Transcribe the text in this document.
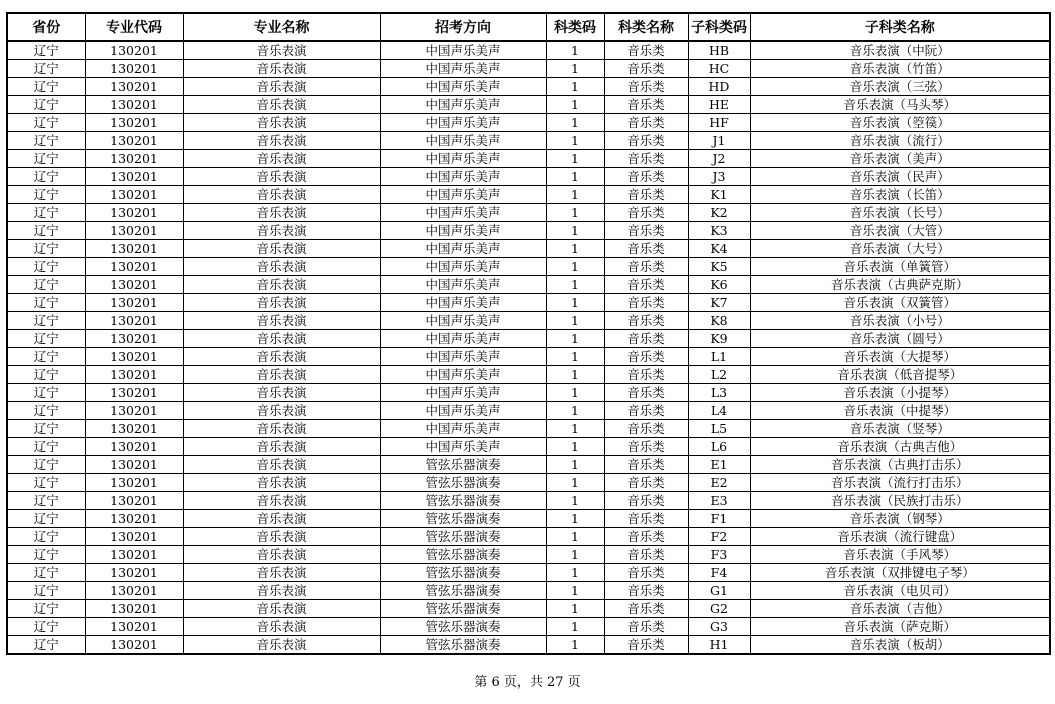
省份	专业代码	专业名称	招考方向	科类码	科类名称	子科类码	子科类名称
辽宁	130201	音乐表演	中国声乐美声	1	音乐类	HB	音乐表演（中阮）
辽宁	130201	音乐表演	中国声乐美声	1	音乐类	HC	音乐表演（竹笛）
辽宁	130201	音乐表演	中国声乐美声	1	音乐类	HD	音乐表演（三弦）
辽宁	130201	音乐表演	中国声乐美声	1	音乐类	HE	音乐表演（马头琴）
辽宁	130201	音乐表演	中国声乐美声	1	音乐类	HF	音乐表演（箜篌）
辽宁	130201	音乐表演	中国声乐美声	1	音乐类	J1	音乐表演（流行）
辽宁	130201	音乐表演	中国声乐美声	1	音乐类	J2	音乐表演（美声）
辽宁	130201	音乐表演	中国声乐美声	1	音乐类	J3	音乐表演（民声）
辽宁	130201	音乐表演	中国声乐美声	1	音乐类	K1	音乐表演（长笛）
辽宁	130201	音乐表演	中国声乐美声	1	音乐类	K2	音乐表演（长号）
辽宁	130201	音乐表演	中国声乐美声	1	音乐类	K3	音乐表演（大管）
辽宁	130201	音乐表演	中国声乐美声	1	音乐类	K4	音乐表演（大号）
辽宁	130201	音乐表演	中国声乐美声	1	音乐类	K5	音乐表演（单簧管）
辽宁	130201	音乐表演	中国声乐美声	1	音乐类	K6	音乐表演（古典萨克斯）
辽宁	130201	音乐表演	中国声乐美声	1	音乐类	K7	音乐表演（双簧管）
辽宁	130201	音乐表演	中国声乐美声	1	音乐类	K8	音乐表演（小号）
辽宁	130201	音乐表演	中国声乐美声	1	音乐类	K9	音乐表演（圆号）
辽宁	130201	音乐表演	中国声乐美声	1	音乐类	L1	音乐表演（大提琴）
辽宁	130201	音乐表演	中国声乐美声	1	音乐类	L2	音乐表演（低音提琴）
辽宁	130201	音乐表演	中国声乐美声	1	音乐类	L3	音乐表演（小提琴）
辽宁	130201	音乐表演	中国声乐美声	1	音乐类	L4	音乐表演（中提琴）
辽宁	130201	音乐表演	中国声乐美声	1	音乐类	L5	音乐表演（竖琴）
辽宁	130201	音乐表演	中国声乐美声	1	音乐类	L6	音乐表演（古典吉他）
辽宁	130201	音乐表演	管弦乐器演奏	1	音乐类	E1	音乐表演（古典打击乐）
辽宁	130201	音乐表演	管弦乐器演奏	1	音乐类	E2	音乐表演（流行打击乐）
辽宁	130201	音乐表演	管弦乐器演奏	1	音乐类	E3	音乐表演（民族打击乐）
辽宁	130201	音乐表演	管弦乐器演奏	1	音乐类	F1	音乐表演（钢琴）
辽宁	130201	音乐表演	管弦乐器演奏	1	音乐类	F2	音乐表演（流行键盘）
辽宁	130201	音乐表演	管弦乐器演奏	1	音乐类	F3	音乐表演（手风琴）
辽宁	130201	音乐表演	管弦乐器演奏	1	音乐类	F4	音乐表演（双排键电子琴）
辽宁	130201	音乐表演	管弦乐器演奏	1	音乐类	G1	音乐表演（电贝司）
辽宁	130201	音乐表演	管弦乐器演奏	1	音乐类	G2	音乐表演（吉他）
辽宁	130201	音乐表演	管弦乐器演奏	1	音乐类	G3	音乐表演（萨克斯）
辽宁	130201	音乐表演	管弦乐器演奏	1	音乐类	H1	音乐表演（板胡）
第 6 页，共 27 页
